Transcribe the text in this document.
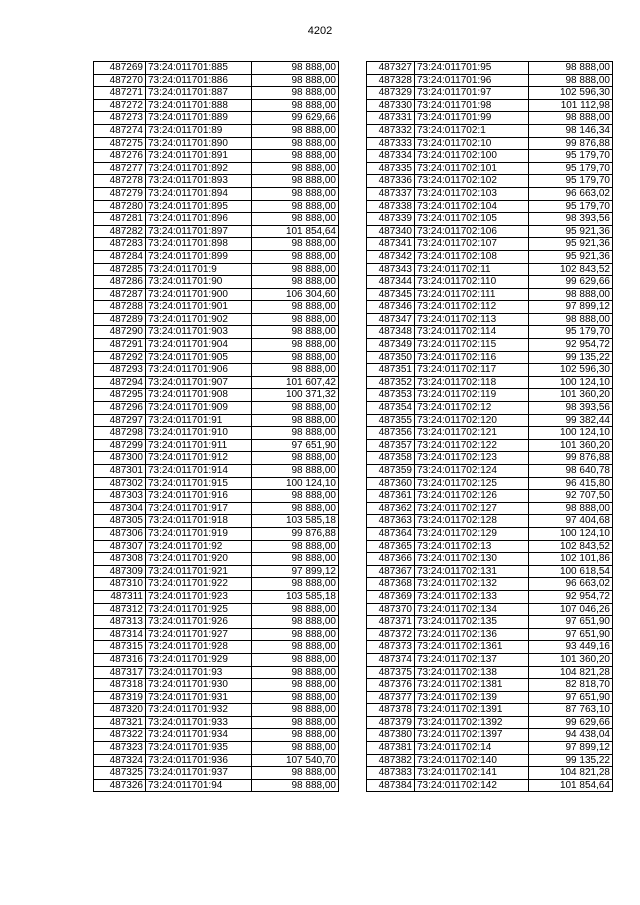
4202
487269	73:24:011701:885	98 888,00
487270	73:24:011701:886	98 888,00
487271	73:24:011701:887	98 888,00
487272	73:24:011701:888	98 888,00
487273	73:24:011701:889	99 629,66
487274	73:24:011701:89	98 888,00
487275	73:24:011701:890	98 888,00
487276	73:24:011701:891	98 888,00
487277	73:24:011701:892	98 888,00
487278	73:24:011701:893	98 888,00
487279	73:24:011701:894	98 888,00
487280	73:24:011701:895	98 888,00
487281	73:24:011701:896	98 888,00
487282	73:24:011701:897	101 854,64
487283	73:24:011701:898	98 888,00
487284	73:24:011701:899	98 888,00
487285	73:24:011701:9	98 888,00
487286	73:24:011701:90	98 888,00
487287	73:24:011701:900	106 304,60
487288	73:24:011701:901	98 888,00
487289	73:24:011701:902	98 888,00
487290	73:24:011701:903	98 888,00
487291	73:24:011701:904	98 888,00
487292	73:24:011701:905	98 888,00
487293	73:24:011701:906	98 888,00
487294	73:24:011701:907	101 607,42
487295	73:24:011701:908	100 371,32
487296	73:24:011701:909	98 888,00
487297	73:24:011701:91	98 888,00
487298	73:24:011701:910	98 888,00
487299	73:24:011701:911	97 651,90
487300	73:24:011701:912	98 888,00
487301	73:24:011701:914	98 888,00
487302	73:24:011701:915	100 124,10
487303	73:24:011701:916	98 888,00
487304	73:24:011701:917	98 888,00
487305	73:24:011701:918	103 585,18
487306	73:24:011701:919	99 876,88
487307	73:24:011701:92	98 888,00
487308	73:24:011701:920	98 888,00
487309	73:24:011701:921	97 899,12
487310	73:24:011701:922	98 888,00
487311	73:24:011701:923	103 585,18
487312	73:24:011701:925	98 888,00
487313	73:24:011701:926	98 888,00
487314	73:24:011701:927	98 888,00
487315	73:24:011701:928	98 888,00
487316	73:24:011701:929	98 888,00
487317	73:24:011701:93	98 888,00
487318	73:24:011701:930	98 888,00
487319	73:24:011701:931	98 888,00
487320	73:24:011701:932	98 888,00
487321	73:24:011701:933	98 888,00
487322	73:24:011701:934	98 888,00
487323	73:24:011701:935	98 888,00
487324	73:24:011701:936	107 540,70
487325	73:24:011701:937	98 888,00
487326	73:24:011701:94	98 888,00
487327	73:24:011701:95	98 888,00
487328	73:24:011701:96	98 888,00
487329	73:24:011701:97	102 596,30
487330	73:24:011701:98	101 112,98
487331	73:24:011701:99	98 888,00
487332	73:24:011702:1	98 146,34
487333	73:24:011702:10	99 876,88
487334	73:24:011702:100	95 179,70
487335	73:24:011702:101	95 179,70
487336	73:24:011702:102	95 179,70
487337	73:24:011702:103	96 663,02
487338	73:24:011702:104	95 179,70
487339	73:24:011702:105	98 393,56
487340	73:24:011702:106	95 921,36
487341	73:24:011702:107	95 921,36
487342	73:24:011702:108	95 921,36
487343	73:24:011702:11	102 843,52
487344	73:24:011702:110	99 629,66
487345	73:24:011702:111	98 888,00
487346	73:24:011702:112	97 899,12
487347	73:24:011702:113	98 888,00
487348	73:24:011702:114	95 179,70
487349	73:24:011702:115	92 954,72
487350	73:24:011702:116	99 135,22
487351	73:24:011702:117	102 596,30
487352	73:24:011702:118	100 124,10
487353	73:24:011702:119	101 360,20
487354	73:24:011702:12	98 393,56
487355	73:24:011702:120	99 382,44
487356	73:24:011702:121	100 124,10
487357	73:24:011702:122	101 360,20
487358	73:24:011702:123	99 876,88
487359	73:24:011702:124	98 640,78
487360	73:24:011702:125	96 415,80
487361	73:24:011702:126	92 707,50
487362	73:24:011702:127	98 888,00
487363	73:24:011702:128	97 404,68
487364	73:24:011702:129	100 124,10
487365	73:24:011702:13	102 843,52
487366	73:24:011702:130	102 101,86
487367	73:24:011702:131	100 618,54
487368	73:24:011702:132	96 663,02
487369	73:24:011702:133	92 954,72
487370	73:24:011702:134	107 046,26
487371	73:24:011702:135	97 651,90
487372	73:24:011702:136	97 651,90
487373	73:24:011702:1361	93 449,16
487374	73:24:011702:137	101 360,20
487375	73:24:011702:138	104 821,28
487376	73:24:011702:1381	82 818,70
487377	73:24:011702:139	97 651,90
487378	73:24:011702:1391	87 763,10
487379	73:24:011702:1392	99 629,66
487380	73:24:011702:1397	94 438,04
487381	73:24:011702:14	97 899,12
487382	73:24:011702:140	99 135,22
487383	73:24:011702:141	104 821,28
487384	73:24:011702:142	101 854,64
